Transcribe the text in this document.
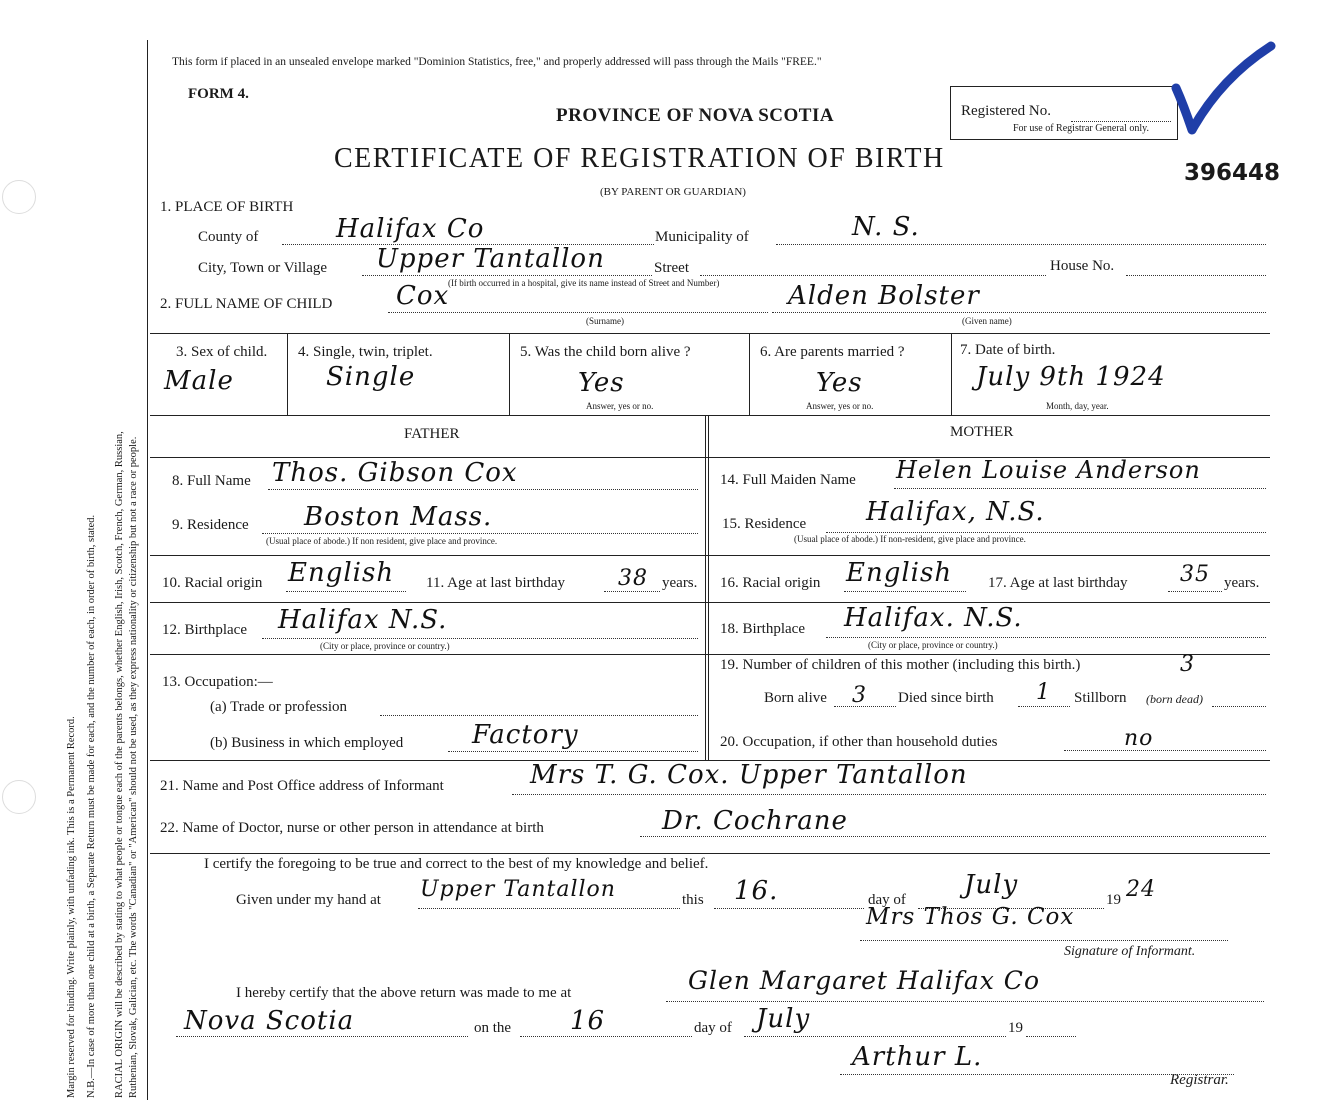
Margin reserved for binding. Write plainly, with unfading ink. This is a Permanent Record. N.B.—In case of more than one child at a birth, a Separate Return must be made for each, and the number of each, in order of birth, stated. RACIAL ORIGIN will be described by stating to what people or tongue each of the parents belongs, whether English, Irish, Scotch, French, German, Russian, Ruthenian, Slovak, Galician, etc. The words "Canadian" or "American" should not be used, as they express nationality or citizenship but not a race or people.
This form if placed in an unsealed envelope marked "Dominion Statistics, free," and properly addressed will pass through the Mails "FREE."
FORM 4.
PROVINCE OF NOVA SCOTIA
CERTIFICATE OF REGISTRATION OF BIRTH
(BY PARENT OR GUARDIAN)
Registered No.
For use of Registrar General only.
396448
1. PLACE OF BIRTH
County of	Halifax Co	Municipality of	N. S.
City, Town or Village Upper Tantallon	Street	House No.
(If birth occurred in a hospital, give its name instead of Street and Number)
2. FULL NAME OF CHILD Cox
(Surname)
Alden Bolster
(Given name)
3. Sex of child.
Male
4. Single, twin, triplet.
Single
5. Was the child born alive ?
Yes
Answer, yes or no.
6. Are parents married ?
Yes
Answer, yes or no.
7. Date of birth.
July 9th 1924
Month, day, year.
FATHER	MOTHER
8. Full Name Thos. Gibson Cox
9. Residence Boston Mass.
(Usual place of abode.) If non resident, give place and province.
10. Racial origin English 11. Age at last birthday 38 years.
12. Birthplace Halifax N.S.
(City or place, province or country.)
13. Occupation:—
(a) Trade or profession
(b) Business in which employed	Factory
14. Full Maiden Name Helen Louise Anderson
15. Residence Halifax, N.S.
(Usual place of abode.) If non-resident, give place and province.
16. Racial origin English 17. Age at last birthday 35 years.
18. Birthplace Halifax. N.S.
(City or place, province or country.)
19. Number of children of this mother (including this birth.)	3
Born alive 3 Died since birth 1 Stillborn (born dead)
20. Occupation, if other than household duties	no
21. Name and Post Office address of Informant	Mrs T. G. Cox. Upper Tantallon
22. Name of Doctor, nurse or other person in attendance at birth	Dr. Cochrane
I certify the foregoing to be true and correct to the best of my knowledge and belief.
Given under my hand at Upper Tantallon	this 16.	day of July	19 24
Mrs Thos G. Cox
Signature of Informant.
I hereby certify that the above return was made to me at	Glen Margaret Halifax Co
Nova Scotia	on the 16	day of July	19
Arthur L.
Registrar.
